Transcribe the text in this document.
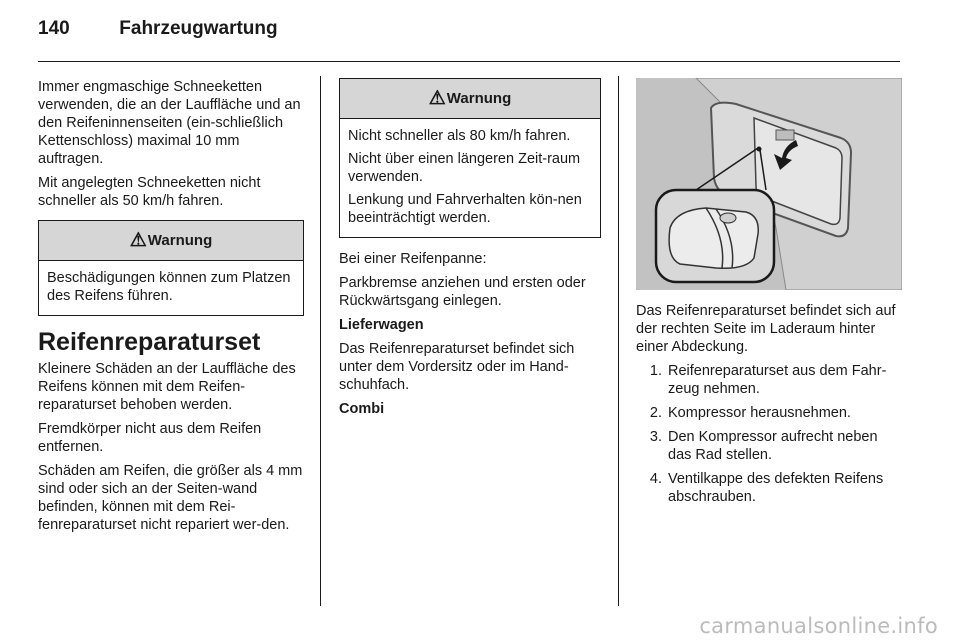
140	Fahrzeugwartung

Immer engmaschige Schneeketten verwenden, die an der Lauffläche und an den Reifeninnenseiten (ein-schließlich Kettenschloss) maximal 10 mm auftragen.

Mit angelegten Schneeketten nicht schneller als 50 km/h fahren.

⚠ Warnung

Beschädigungen können zum Platzen des Reifens führen.

Reifenreparaturset

Kleinere Schäden an der Lauffläche des Reifens können mit dem Reifen-reparaturset behoben werden.

Fremdkörper nicht aus dem Reifen entfernen.

Schäden am Reifen, die größer als 4 mm sind oder sich an der Seiten-wand befinden, können mit dem Rei-fenreparaturset nicht repariert wer-den.

⚠ Warnung

Nicht schneller als 80 km/h fahren.

Nicht über einen längeren Zeit-raum verwenden.

Lenkung und Fahrverhalten kön-nen beeinträchtigt werden.

Bei einer Reifenpanne:

Parkbremse anziehen und ersten oder Rückwärtsgang einlegen.

Lieferwagen

Das Reifenreparaturset befindet sich unter dem Vordersitz oder im Hand-schuhfach.

Combi

Das Reifenreparaturset befindet sich auf der rechten Seite im Laderaum hinter einer Abdeckung.

1. Reifenreparaturset aus dem Fahr-zeug nehmen.
2. Kompressor herausnehmen.
3. Den Kompressor aufrecht neben das Rad stellen.
4. Ventilkappe des defekten Reifens abschrauben.
carmanualsonline.info
